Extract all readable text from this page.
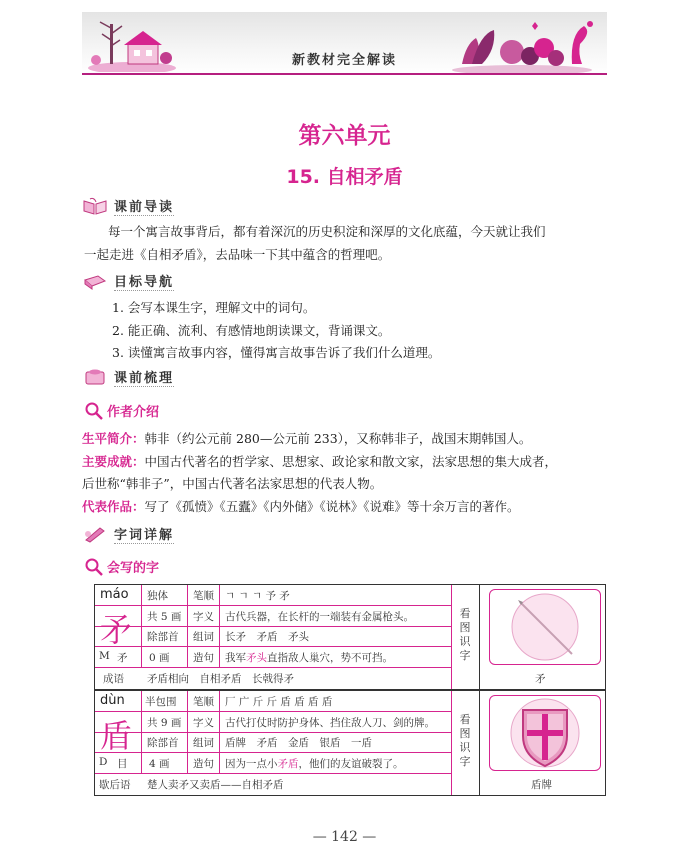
新教材完全解读
第六单元
15. 自相矛盾
课前导读
每一个寓言故事背后，都有着深沉的历史积淀和深厚的文化底蕴，今天就让我们
一起走进《自相矛盾》，去品味一下其中蕴含的哲理吧。
目标导航
1. 会写本课生字，理解文中的词句。
2. 能正确、流利、有感情地朗读课文，背诵课文。
3. 读懂寓言故事内容，懂得寓言故事告诉了我们什么道理。
课前梳理
作者介绍
生平简介：韩非（约公元前 280—公元前 233），又称韩非子，战国末期韩国人。
主要成就：中国古代著名的哲学家、思想家、政论家和散文家，法家思想的集大成者，
后世称“韩非子”，中国古代著名法家思想的代表人物。
代表作品：写了《孤愤》《五蠹》《内外储》《说林》《说难》等十余万言的著作。
字词详解
会写的字
máo
矛
M 矛
独体
共 5 画
除部首
0 画
笔顺
字义
组词
造句
ㄱ ㄱ ㄱ 予 矛
古代兵器，在长杆的一端装有金属枪头。
长矛　矛盾　矛头
我军矛头直指敌人巢穴，势不可挡。
成语 矛盾相向　自相矛盾　长戟得矛
看图识字
矛
dùn
盾
D 目
半包围
共 9 画
除部首
4 画
笔顺
字义
组词
造句
厂 广 斤 斤 盾 盾 盾 盾
古代打仗时防护身体、挡住敌人刀、剑的牌。
盾牌　矛盾　金盾　银盾　一盾
因为一点小矛盾，他们的友谊破裂了。
歇后语 楚人卖矛又卖盾——自相矛盾
看图识字
盾牌
— 142 —
